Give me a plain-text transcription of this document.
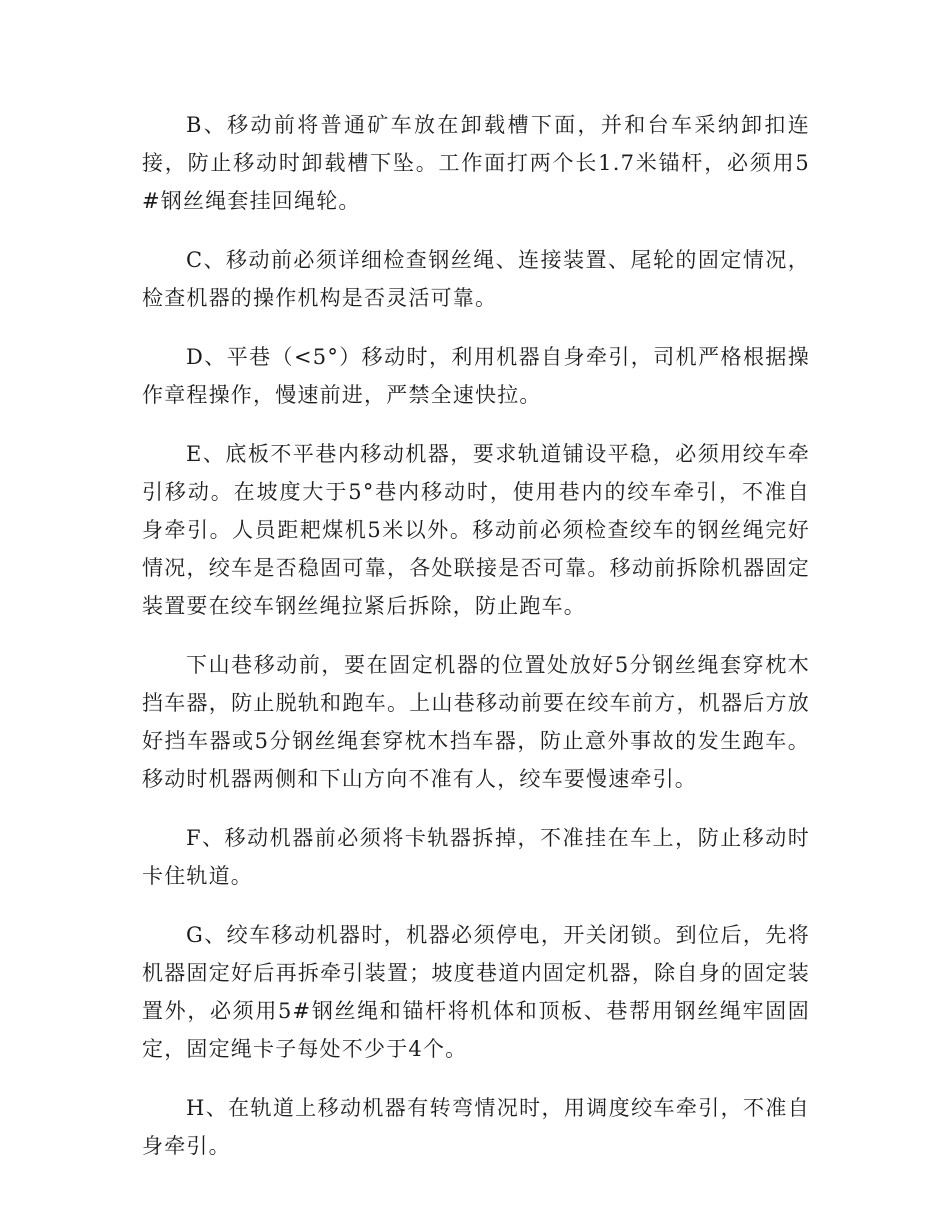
B、移动前将普通矿车放在卸载槽下面，并和台车采纳卸扣连接，防止移动时卸载槽下坠。工作面打两个长1.7米锚杆，必须用5#钢丝绳套挂回绳轮。

C、移动前必须详细检查钢丝绳、连接装置、尾轮的固定情况，检查机器的操作机构是否灵活可靠。

D、平巷（<5°）移动时，利用机器自身牵引，司机严格根据操作章程操作，慢速前进，严禁全速快拉。

E、底板不平巷内移动机器，要求轨道铺设平稳，必须用绞车牵引移动。在坡度大于5°巷内移动时，使用巷内的绞车牵引，不准自身牵引。人员距耙煤机5米以外。移动前必须检查绞车的钢丝绳完好情况，绞车是否稳固可靠，各处联接是否可靠。移动前拆除机器固定装置要在绞车钢丝绳拉紧后拆除，防止跑车。

下山巷移动前，要在固定机器的位置处放好5分钢丝绳套穿枕木挡车器，防止脱轨和跑车。上山巷移动前要在绞车前方，机器后方放好挡车器或5分钢丝绳套穿枕木挡车器，防止意外事故的发生跑车。移动时机器两侧和下山方向不准有人，绞车要慢速牵引。

F、移动机器前必须将卡轨器拆掉，不准挂在车上，防止移动时卡住轨道。

G、绞车移动机器时，机器必须停电，开关闭锁。到位后，先将机器固定好后再拆牵引装置；坡度巷道内固定机器，除自身的固定装置外，必须用5#钢丝绳和锚杆将机体和顶板、巷帮用钢丝绳牢固固定，固定绳卡子每处不少于4个。

H、在轨道上移动机器有转弯情况时，用调度绞车牵引，不准自身牵引。
